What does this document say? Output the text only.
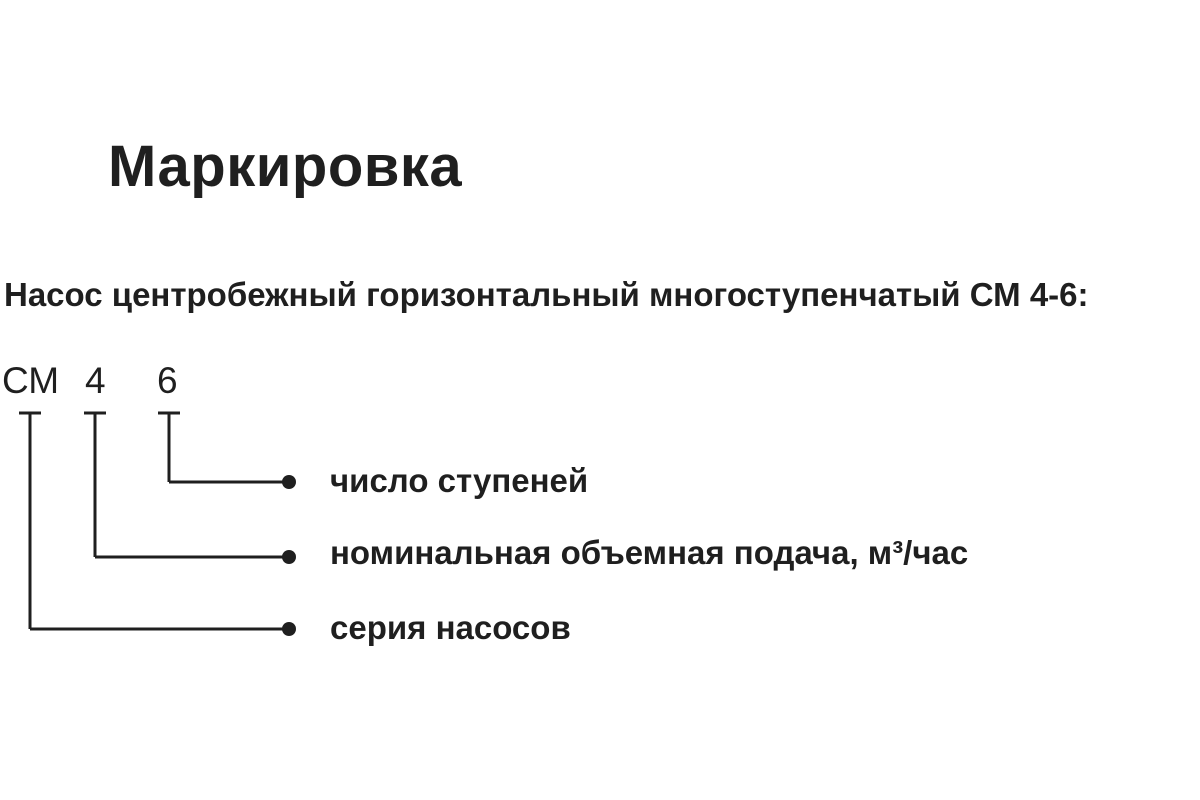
Маркировка
Насос центробежный горизонтальный многоступенчатый СМ 4-6:
СМ 4 6
число ступеней
номинальная объемная подача, м³/час
серия насосов
